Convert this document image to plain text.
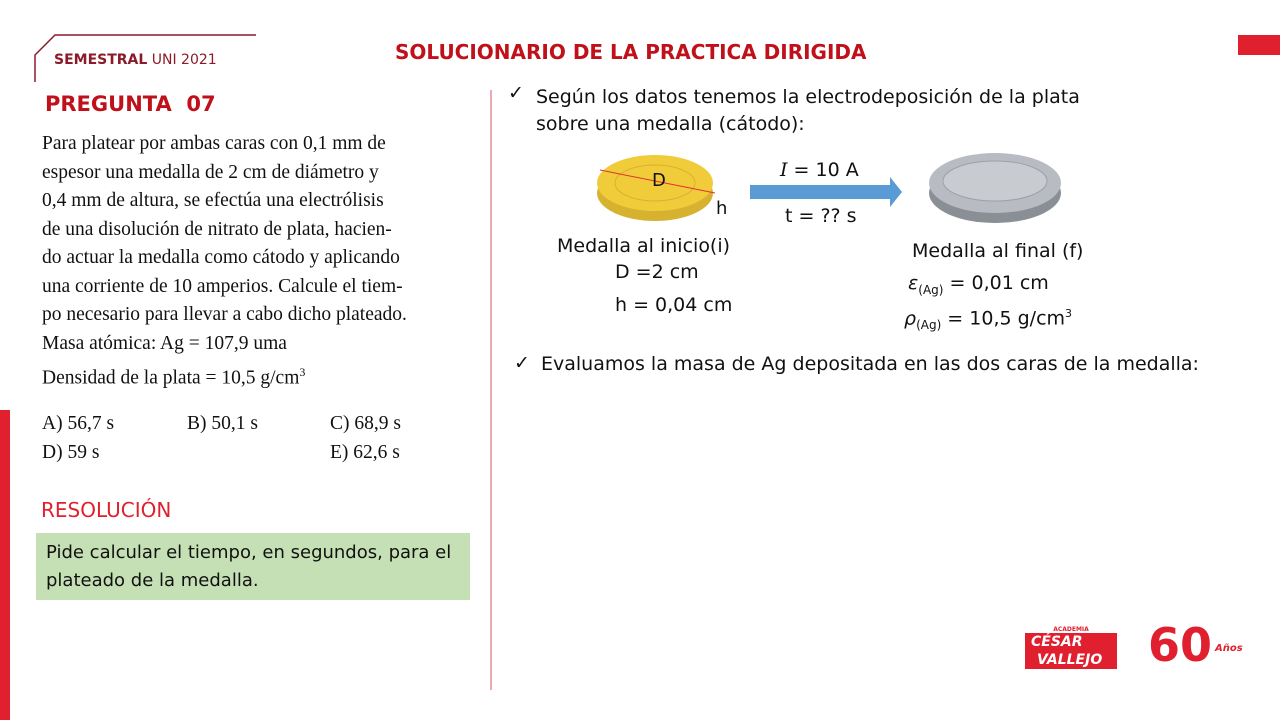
SEMESTRAL UNI 2021	SOLUCIONARIO DE LA PRACTICA DIRIGIDA
PREGUNTA  07
Para platear por ambas caras con 0,1 mm de
espesor una medalla de 2 cm de diámetro y
0,4 mm de altura, se efectúa una electrólisis
de una disolución de nitrato de plata, hacien-
do actuar la medalla como cátodo y aplicando
una corriente de 10 amperios. Calcule el tiem-
po necesario para llevar a cabo dicho plateado.
Masa atómica: Ag = 107,9 uma
Densidad de la plata = 10,5 $g/cm^3$
A) 56,7 s	B) 50,1 s	C) 68,9 s
D) 59 s	E) 62,6 s
RESOLUCIÓN
Pide calcular el tiempo, en segundos, para el plateado de la medalla.
✓ Según los datos tenemos la electrodeposición de la plata sobre una medalla (cátodo):
D
h
I = 10 A
t = ?? s
Medalla al inicio(i)
D =2 cm
h = 0,04 cm
Medalla al final (f)
$\varepsilon_{(Ag)} = 0,01$ cm
$\rho_{(Ag)} = 10,5$ $g/cm^3$
✓ Evaluamos la masa de Ag depositada en las dos caras de la medalla:
ACADEMIA
CÉSAR
VALLEJO 60 Años
